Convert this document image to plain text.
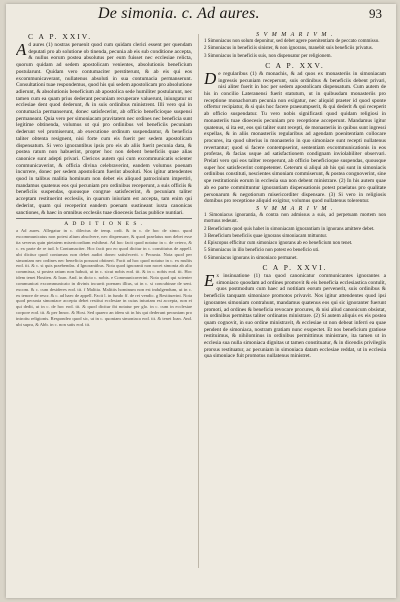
De simonia. c. Ad aures.	93
C A P. XXIV.

Ad aures (1) nostras peruenit quod cum quidam clerici essent per quendam deputati pro ab solutione ob tinenda, pecunia ab eis sub conditione accepta, & nullus eorum postea absolutus per eum fuisset nec ecclesiae relicta, quorum quidam ad sedem apostolicam venientes, absolutionis beneficium postularunt. Quidam vero contumaciter perstiterunt, & ab eis qui eos excommunicaverant, nullatenus absoluti in sua contumacia permanserunt. Consultationi tuae respondemus, quod his qui sedem apostolicam pro absolutione adierunt, & absolutionis beneficium ab apostolica sede humiliter postularunt, nec tamen cum ea quam prius dederant pecuniam recuperare valuerunt, iniungatur ut ecclesiae dent quod dederunt, & in suis ordinibus ministrent. Illi vero qui in contumacia permanserunt, donec satisfecerint, ab officio beneficioque suspensi permaneant. Quia vero per simoniacam pravitatem nec ordines nec beneficia sunt legitime obtinenda, volumus ut qui pro ordinibus vel beneficiis pecuniam dederunt vel promiserunt, ab executione ordinum suspendantur, & beneficia taliter obtenta resignent, nisi forte cum eis fuerit per sedem apostolicam dispensatum. Si vero ignorantibus ipsis pro eis ab aliis fuerit pecunia data, & postea ratum non habuerint, propter hoc non debent beneficiis quae alias canonice sunt adepti privari. Clericos autem qui cum excommunicatis scienter communicaverint, & officia divina celebraverint, eandem volumus poenam incurrere, donec per sedem apostolicam fuerint absoluti. Nos igitur attendentes quod in talibus malitia hominum non debet eis aliquod patrocinium impertiri, mandamus quatenus eos qui pecuniam pro ordinibus receperunt, a suis officiis & beneficiis suspendas, quousque congrue satisfecerint, & pecuniam taliter acceptam restituerint ecclesiis, in quarum iniuriam est accepta, tam enim qui dederint, quam qui receperint eandem poenam sustineant iuxta canonicas sanctiones, & haec in omnibus ecclesiis tuae dioecesis facias publice nuntiari.

A D D I T I O N E S .

a Ad aures. Allegatur in c. dilectus de temp. ordi. & in c. de hoc de simo. quod excommunicatus non potest alium absolvere, nec dispensare, & quod praelatus non debet esse ita severus quin pietatem misericordiam exhibeat. Ad hoc facit quod notatur in c. de cetero, & c. ex parte de re iud. b Contumaciter. Hoc facit pro eo quod dicitur in c. constitutus de appell. ubi dicitur quod contumax non debet audiri donec satisfecerit. c Pecunia. Nota quod per simoniam nec ordines nec beneficia possunt obtineri. Facit ad hoc quod notatur in c. ex multis eod. tit. & c. si quis praebendas. d Ignorantibus. Nota quod ignoranti non nocet simonia ab alio commissa, si postea ratum non habuit, ut in c. sicut nobis eod. tit. & in c. nobis eod. tit. Hoc idem tenet Hostien. & Ioan. And. in dicto c. nobis. e Communicaverint. Nota quod qui scienter communicat excommunicato in divinis incurrit poenam illius, ut in c. si concubinae de sent. excom. & c. cum desideres eod. tit. f Malitia. Malitiis hominum non est indulgendum, ut in c. ex tenore de rescr. & c. ad haec de appell. Facit l. in fundo ff. de rei vendic. g Restituerint. Nota quod pecunia simoniace accepta debet restitui ecclesiae in cuius iniuriam est accepta, non ei qui dedit, ut in c. de hoc eod. tit. & quod dicitur ibi notatur per glo. in c. cum in ecclesiae corpore eod. tit. & per Innoc. & Host. Sed quaero an idem sit in his qui dederunt pecuniam pro introitu religionis. Respondeo quod sic, ut in c. quoniam simoniaca eod. tit. & tenet Ioan. And. ubi supra, & Abb. in c. non satis eod. tit.

S V M M A R I V M .

1 Simoniacus non solum deponitur, sed debet agere poenitentiam de peccato commisso.

2 Simoniacus in beneficiis sinister, & non ignorans, manebit suis beneficiis privatus.

3 Simoniacus in beneficiis suis, non dispensatur per religionem.

C A P. XXV.

De regularibus (1) & monachis, & ad quos ex monasteriis in simoniacam ingressis pecuniam receperunt, suis ordinibus & beneficiis debent privari, nisi aliter fuerit in hoc per sedem apostolicam dispensatum. Cum autem de his in concilio Lateranensi fuerit statutum, ut in quibusdam monasteriis pro receptione monachorum pecunia non exigatur, nec aliquid praeter id quod sponte offertur recipiatur, & si quis hoc facere praesumpserit, & qui dederit & qui receperit ab officio suspendatur. Tu vero nobis significasti quod quidam religiosi in monasteriis tuae dioecesis pecuniam pro receptione acceperunt. Mandamus igitur quatenus, si ita est, eos qui taliter sunt recepti, de monasteriis in quibus sunt ingressi expellas, & in aliis monasteriis regularibus ad agendam poenitentiam collocare procures, ita quod ulterius in monasterio in quo simoniace sunt recepti nullatenus revertantur; quod si facere contempserint, sententiam excommunicationis in eos proferas, & facias usque ad satisfactionem condignam inviolabiliter observari. Prelati vero qui eos taliter receperunt, ab officio beneficioque suspendas, quousque super hoc satisfecerint competenter. Ceterum si aliqui ab his qui sunt in simoniacis ordinibus constituti, nescientes simoniam commiserunt, & postea congnoverint, sine spe restitutionis eorum in ecclesia sua non debent ministrare. (2) In his autem quae ab eo parte committuntur ignorantiam dispensationis potest praelatus pro qualitate personarum & negotiorum misericorditer dispensare. (3) Si vero in religiosis domibus pro receptione aliquid exigitur, volumus quod nullatenus tolerentur.

S V M M A R I V M .

1 Simoniacus ignorantia, & contra non admissus a suis, ad perpetuam mortem non mortuus redeunt.

2 Beneficium quod quis habet in simoniacam ignorantiam in ignorans amittere debet.

3 Beneficium beneficiis quae ignorans simoniacam mittuntur.

4 Episcopus efficitur cum simoniaco ignorans ab eo beneficium non tenet.

5 Simoniacus in illo beneficio non potest eo beneficio uti.

6 Simoniacus ignorans in simoniaco permanet.

C A P. XXVI.

Ex insinuatione (1) tua quod canonicatur communicantes ignorantes a simoniaco quosdam ad ordines promovit & eis beneficia ecclesiastica contulit, quos postmodum cum haec ad notitiam eorum pervenerit, suis ordinibus & beneficiis tanquam simoniace promotos privavit. Nos igitur attendentes quod ipsi ignorantes simoniam contrahunt, mandamus quatenus eos qui sic ignoranter fuerunt promoti, ad ordines & beneficia revocare procures, & nisi aliud canonicum obsistat, in ordinibus permittas taliter ordinatos ministrare. (2) Si autem aliquis ex eis postea quam cognovit, in suo ordine ministravit, & ecclesiae ut non debeat inferri ea quae pendent de simoniaca, nostram gratiam nunc exspectet. Et nos beneficium gratiose restituimus, & nihilominus in ordinibus permittimus ministrare, ita tamen ut in ecclesia sua nulla simoniaca dignitas ut tamen constituatur, & in dicendis privilegiis prorsus restituatur, ac pecuniam in simoniaca datam ecclesiae reddat, ut in ecclesia qua simoniace fuit promotus nullatenus ministret.
